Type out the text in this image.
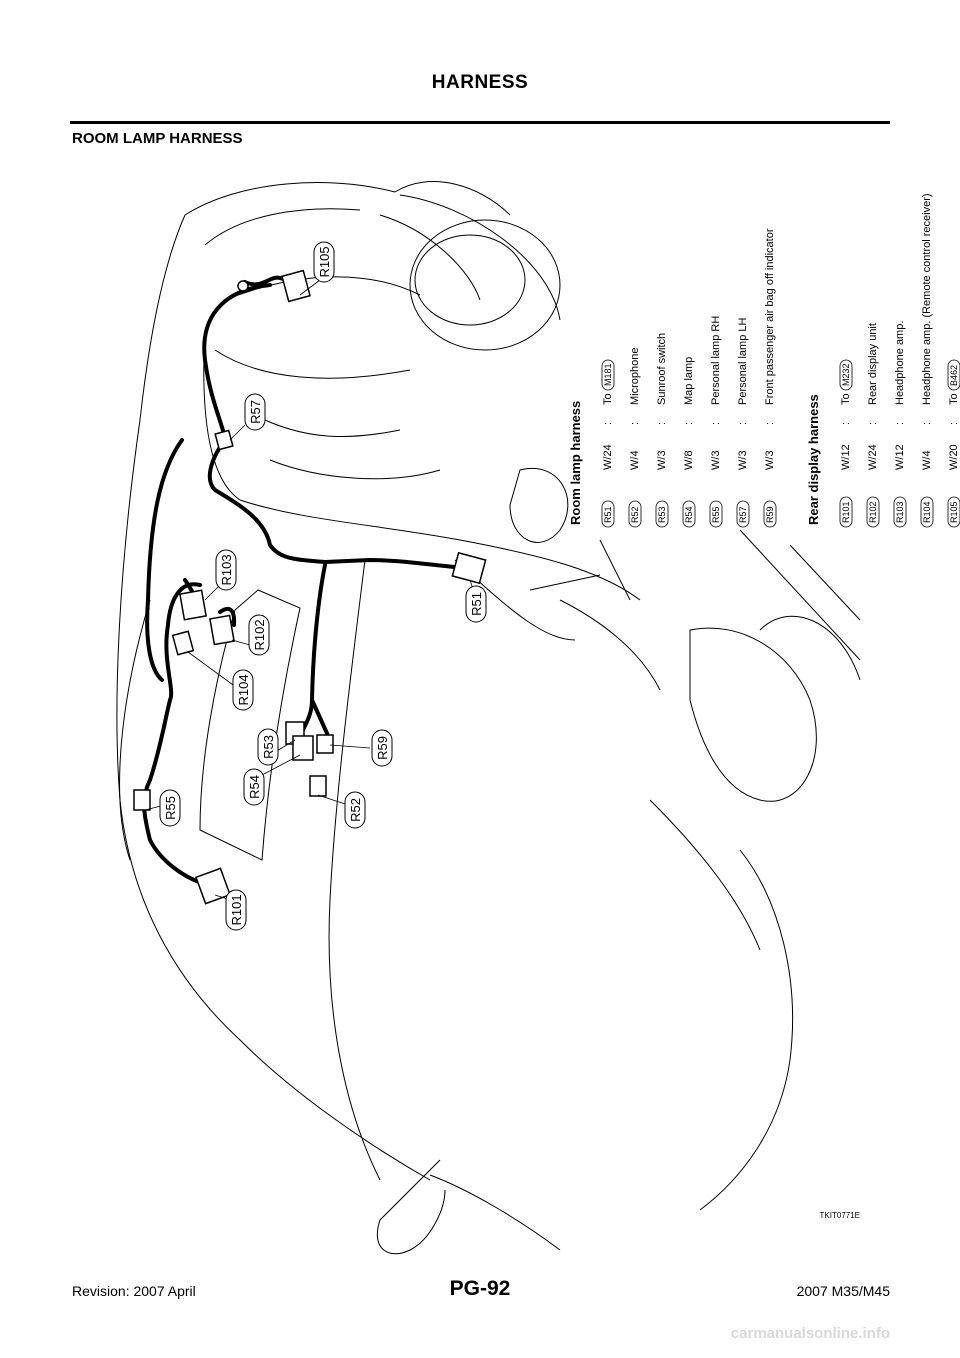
HARNESS
ROOM LAMP HARNESS
R105
R57
R103
R102
R104
R51
R53
R54
R59
R52
R55
R101
Room lamp harness R51
W/24
:
To
M181
R52
W/4
:
Microphone
R53
W/3
:
Sunroof switch
R54
W/8
:
Map lamp
R55
W/3
:
Personal lamp RH
R57
W/3
:
Personal lamp LH
R59
W/3
:
Front passenger air bag off indicator
Rear display harness R101
W/12
:
To
M232
R102
W/24
:
Rear display unit
R103
W/12
:
Headphone amp.
R104
W/4
:
Headphone amp. (Remote control receiver)
R105
W/20
:
To
B462
TKIT0771E
Revision: 2007 April	PG-92	2007 M35/M45
carmanualsonline.info
